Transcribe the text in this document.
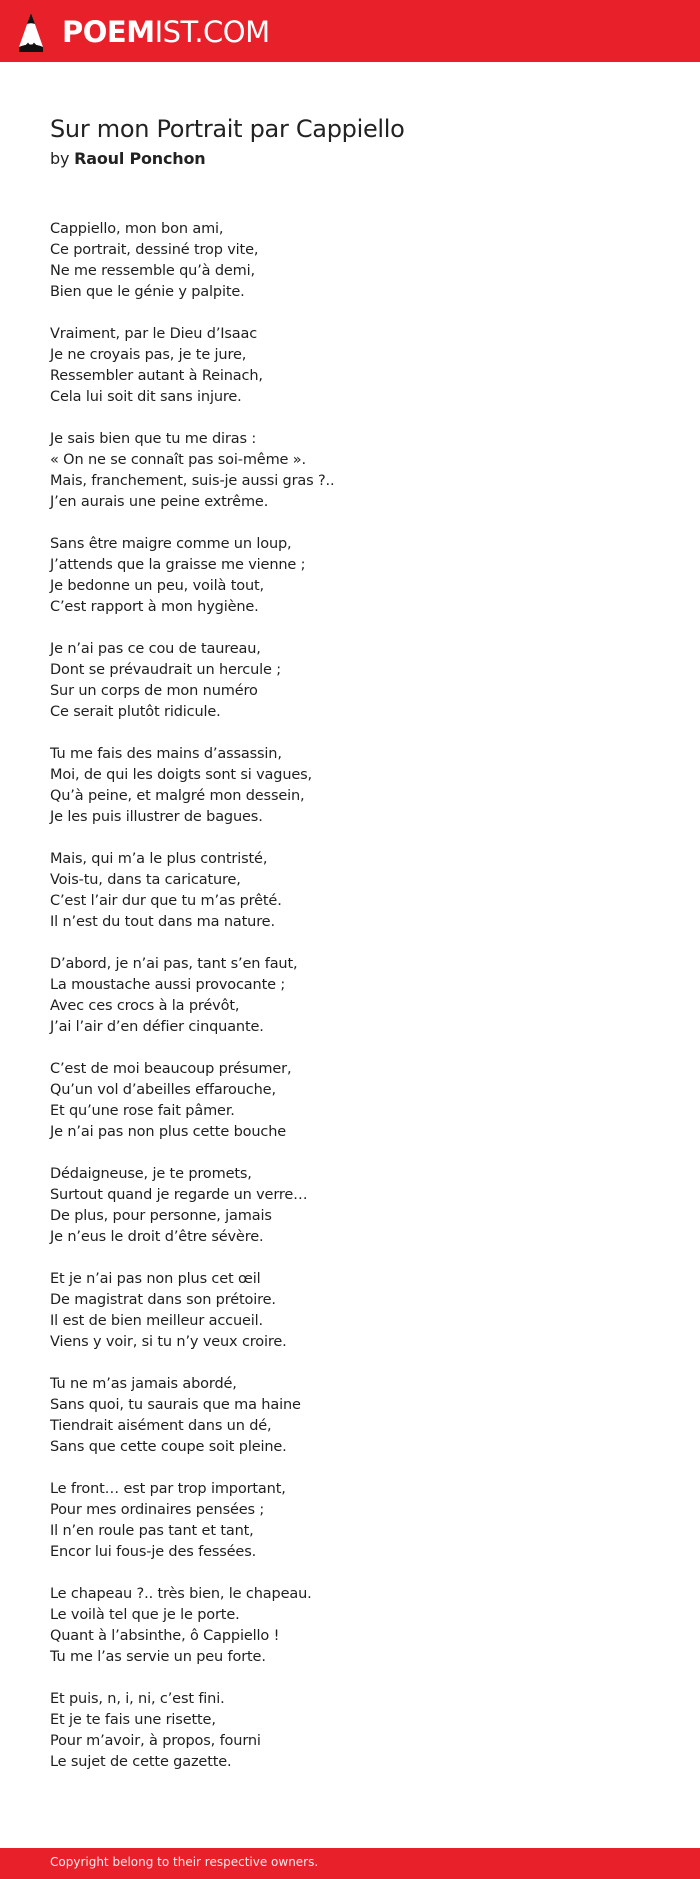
POEMIST.COM
Sur mon Portrait par Cappiello
by Raoul Ponchon
Cappiello, mon bon ami,
Ce portrait, dessiné trop vite,
Ne me ressemble qu’à demi,
Bien que le génie y palpite.
Vraiment, par le Dieu d’Isaac
Je ne croyais pas, je te jure,
Ressembler autant à Reinach,
Cela lui soit dit sans injure.
Je sais bien que tu me diras :
« On ne se connaît pas soi-même ».
Mais, franchement, suis-je aussi gras ?..
J’en aurais une peine extrême.
Sans être maigre comme un loup,
J’attends que la graisse me vienne ;
Je bedonne un peu, voilà tout,
C’est rapport à mon hygiène.
Je n’ai pas ce cou de taureau,
Dont se prévaudrait un hercule ;
Sur un corps de mon numéro
Ce serait plutôt ridicule.
Tu me fais des mains d’assassin,
Moi, de qui les doigts sont si vagues,
Qu’à peine, et malgré mon dessein,
Je les puis illustrer de bagues.
Mais, qui m’a le plus contristé,
Vois-tu, dans ta caricature,
C’est l’air dur que tu m’as prêté.
Il n’est du tout dans ma nature.
D’abord, je n’ai pas, tant s’en faut,
La moustache aussi provocante ;
Avec ces crocs à la prévôt,
J’ai l’air d’en défier cinquante.
C’est de moi beaucoup présumer,
Qu’un vol d’abeilles effarouche,
Et qu’une rose fait pâmer.
Je n’ai pas non plus cette bouche
Dédaigneuse, je te promets,
Surtout quand je regarde un verre…
De plus, pour personne, jamais
Je n’eus le droit d’être sévère.
Et je n’ai pas non plus cet œil
De magistrat dans son prétoire.
Il est de bien meilleur accueil.
Viens y voir, si tu n’y veux croire.
Tu ne m’as jamais abordé,
Sans quoi, tu saurais que ma haine
Tiendrait aisément dans un dé,
Sans que cette coupe soit pleine.
Le front… est par trop important,
Pour mes ordinaires pensées ;
Il n’en roule pas tant et tant,
Encor lui fous-je des fessées.
Le chapeau ?.. très bien, le chapeau.
Le voilà tel que je le porte.
Quant à l’absinthe, ô Cappiello !
Tu me l’as servie un peu forte.
Et puis, n, i, ni, c’est fini.
Et je te fais une risette,
Pour m’avoir, à propos, fourni
Le sujet de cette gazette.
Copyright belong to their respective owners.
